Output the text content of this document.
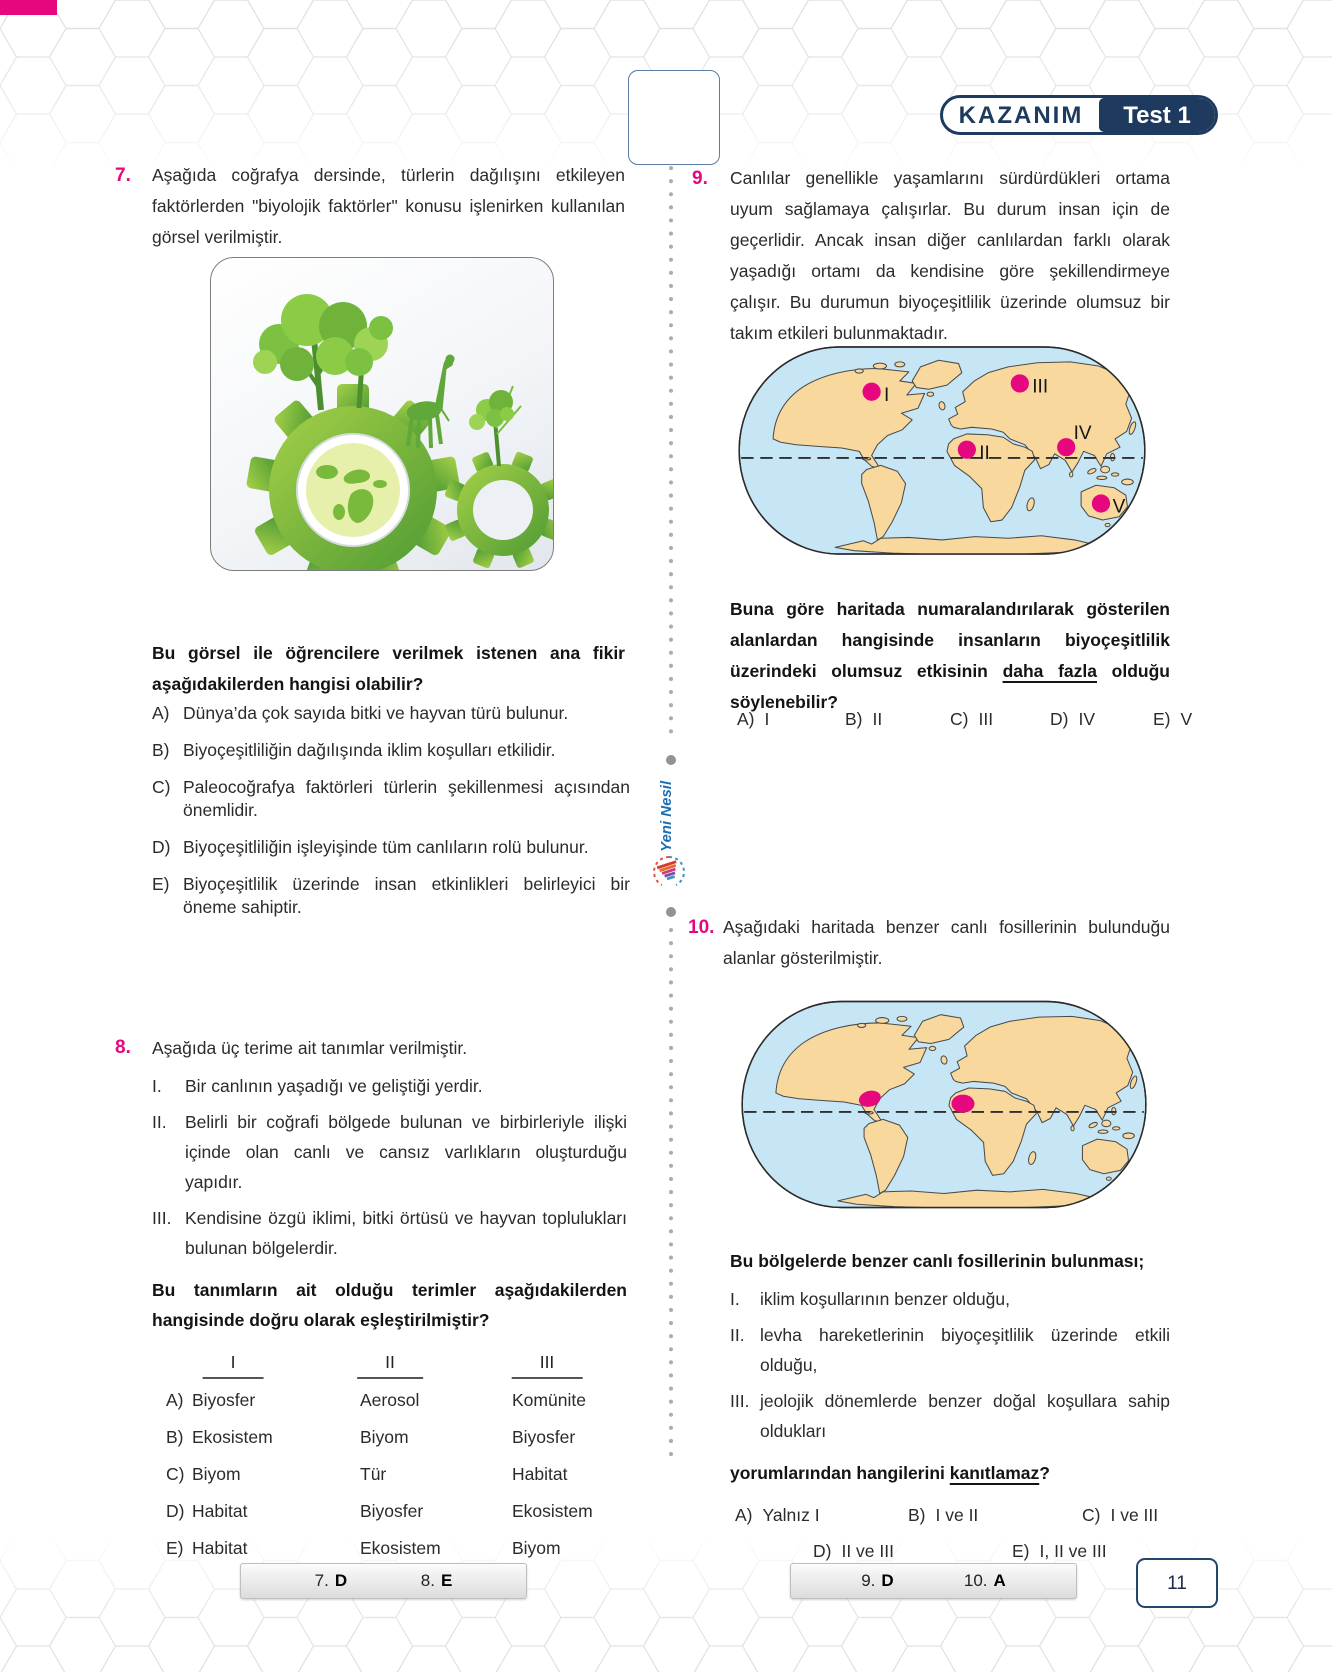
KAZANIM	Test 1
Yeni Nesil
7.	Aşağıda coğrafya dersinde, türlerin dağılışını etkileyen faktörlerden "biyolojik faktörler" konusu işlenirken kullanılan görsel verilmiştir.

Bu görsel ile öğrencilere verilmek istenen ana fikir aşağıdakilerden hangisi olabilir?

A) Dünya’da çok sayıda bitki ve hayvan türü bulunur.
B) Biyoçeşitliliğin dağılışında iklim koşulları etkilidir.
C) Paleocoğrafya faktörleri türlerin şekillenmesi açısından önemlidir.
D) Biyoçeşitliliğin işleyişinde tüm canlıların rolü bulunur.
E) Biyoçeşitlilik üzerinde insan etkinlikleri belirleyici bir öneme sahiptir.
8.	Aşağıda üç terime ait tanımlar verilmiştir.

I.	Bir canlının yaşadığı ve geliştiği yerdir.
II.	Belirli bir coğrafi bölgede bulunan ve birbirleriyle ilişki içinde olan canlı ve cansız varlıkların oluşturduğu yapıdır.
III. Kendisine özgü iklimi, bitki örtüsü ve hayvan toplulukları bulunan bölgelerdir.

Bu tanımların ait olduğu terimler aşağıdakilerden hangisinde doğru olarak eşleştirilmiştir?

I	II	III
A) Biyosfer	Aerosol	Komünite
B) Ekosistem	Biyom	Biyosfer
C) Biyom	Tür	Habitat
D) Habitat	Biyosfer	Ekosistem
E) Habitat	Ekosistem	Biyom
9.	Canlılar genellikle yaşamlarını sürdürdükleri ortama uyum sağlamaya çalışırlar. Bu durum insan için de geçerlidir. Ancak insan diğer canlılardan farklı olarak yaşadığı ortamı da kendisine göre şekillendirmeye çalışır. Bu durumun biyoçeşitlilik üzerinde olumsuz bir takım etkileri bulunmaktadır.

I
II
III
IV
V

Buna göre haritada numaralandırılarak gösterilen alanlardan hangisinde insanların biyoçeşitlilik üzerindeki olumsuz etkisinin daha fazla olduğu söylenebilir?

A) I	B) II	C) III	D) IV	E) V
10. Aşağıdaki haritada benzer canlı fosillerinin bulunduğu alanlar gösterilmiştir.

Bu bölgelerde benzer canlı fosillerinin bulunması;

I.	iklim koşullarının benzer olduğu,
II. levha hareketlerinin biyoçeşitlilik üzerinde etkili olduğu,
III. jeolojik dönemlerde benzer doğal koşullara sahip oldukları

yorumlarından hangilerini kanıtlamaz?

A) Yalnız I	B) I ve II	C) I ve III
D) II ve III	E) I, II ve III
7. D	8. E	9. D	10. A	11
